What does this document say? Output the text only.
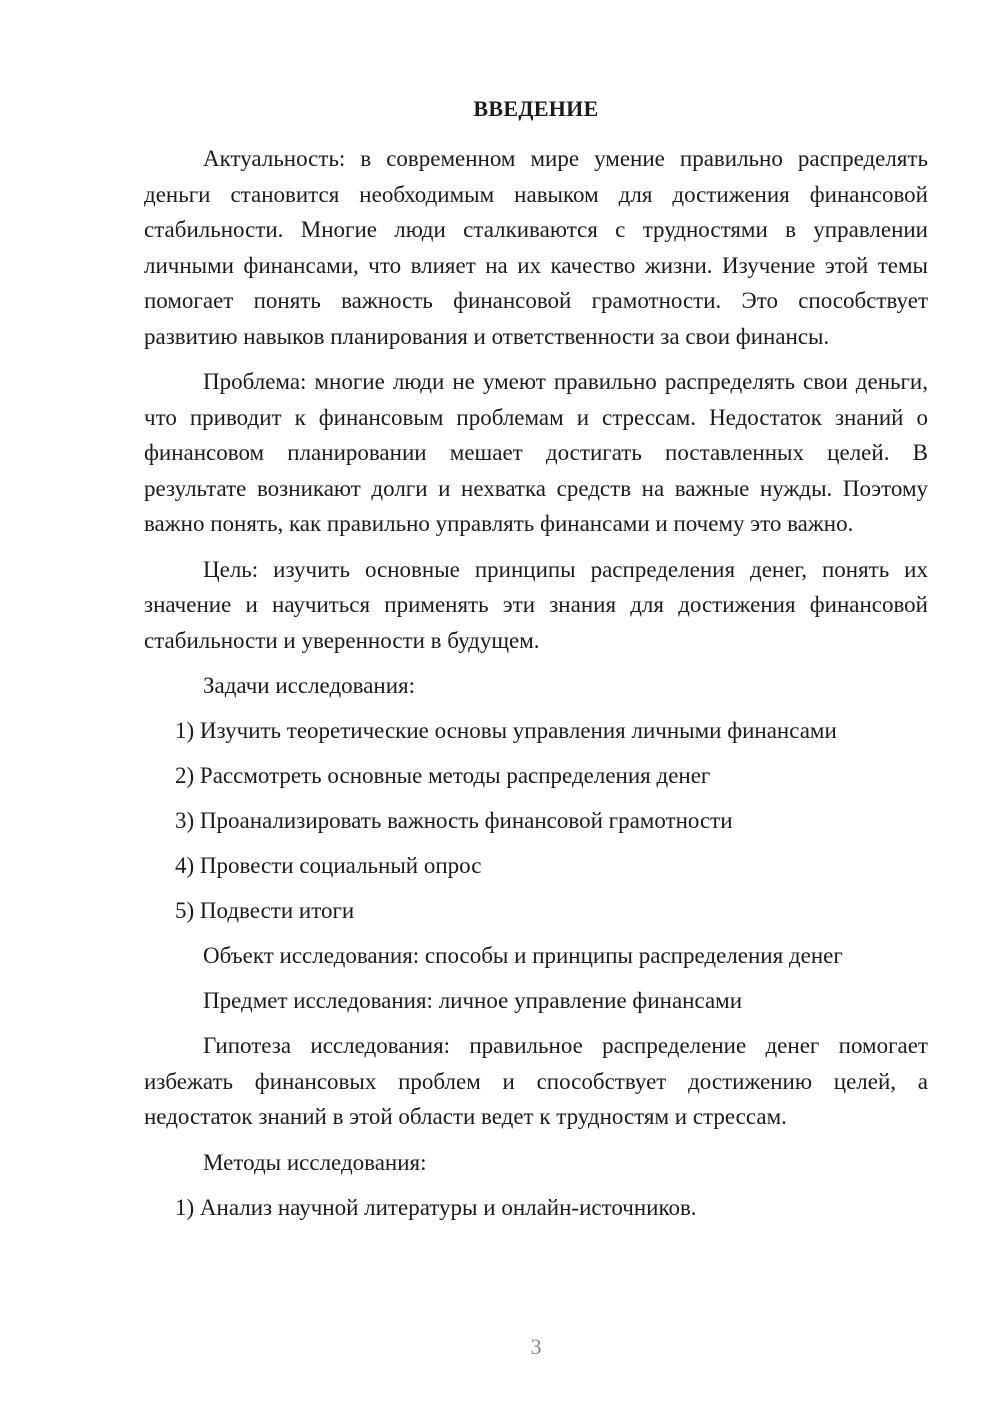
ВВЕДЕНИЕ

Актуальность: в современном мире умение правильно распределять деньги становится необходимым навыком для достижения финансовой стабильности. Многие люди сталкиваются с трудностями в управлении личными финансами, что влияет на их качество жизни. Изучение этой темы помогает понять важность финансовой грамотности. Это способствует развитию навыков планирования и ответственности за свои финансы.

Проблема: многие люди не умеют правильно распределять свои деньги, что приводит к финансовым проблемам и стрессам. Недостаток знаний о финансовом планировании мешает достигать поставленных целей. В результате возникают долги и нехватка средств на важные нужды. Поэтому важно понять, как правильно управлять финансами и почему это важно.

Цель: изучить основные принципы распределения денег, понять их значение и научиться применять эти знания для достижения финансовой стабильности и уверенности в будущем.

Задачи исследования:

1) Изучить теоретические основы управления личными финансами

2) Рассмотреть основные методы распределения денег

3) Проанализировать важность финансовой грамотности

4) Провести социальный опрос

5) Подвести итоги

Объект исследования: способы и принципы распределения денег

Предмет исследования: личное управление финансами

Гипотеза исследования: правильное распределение денег помогает избежать финансовых проблем и способствует достижению целей, а недостаток знаний в этой области ведет к трудностям и стрессам.

Методы исследования:

1) Анализ научной литературы и онлайн-источников.

3
